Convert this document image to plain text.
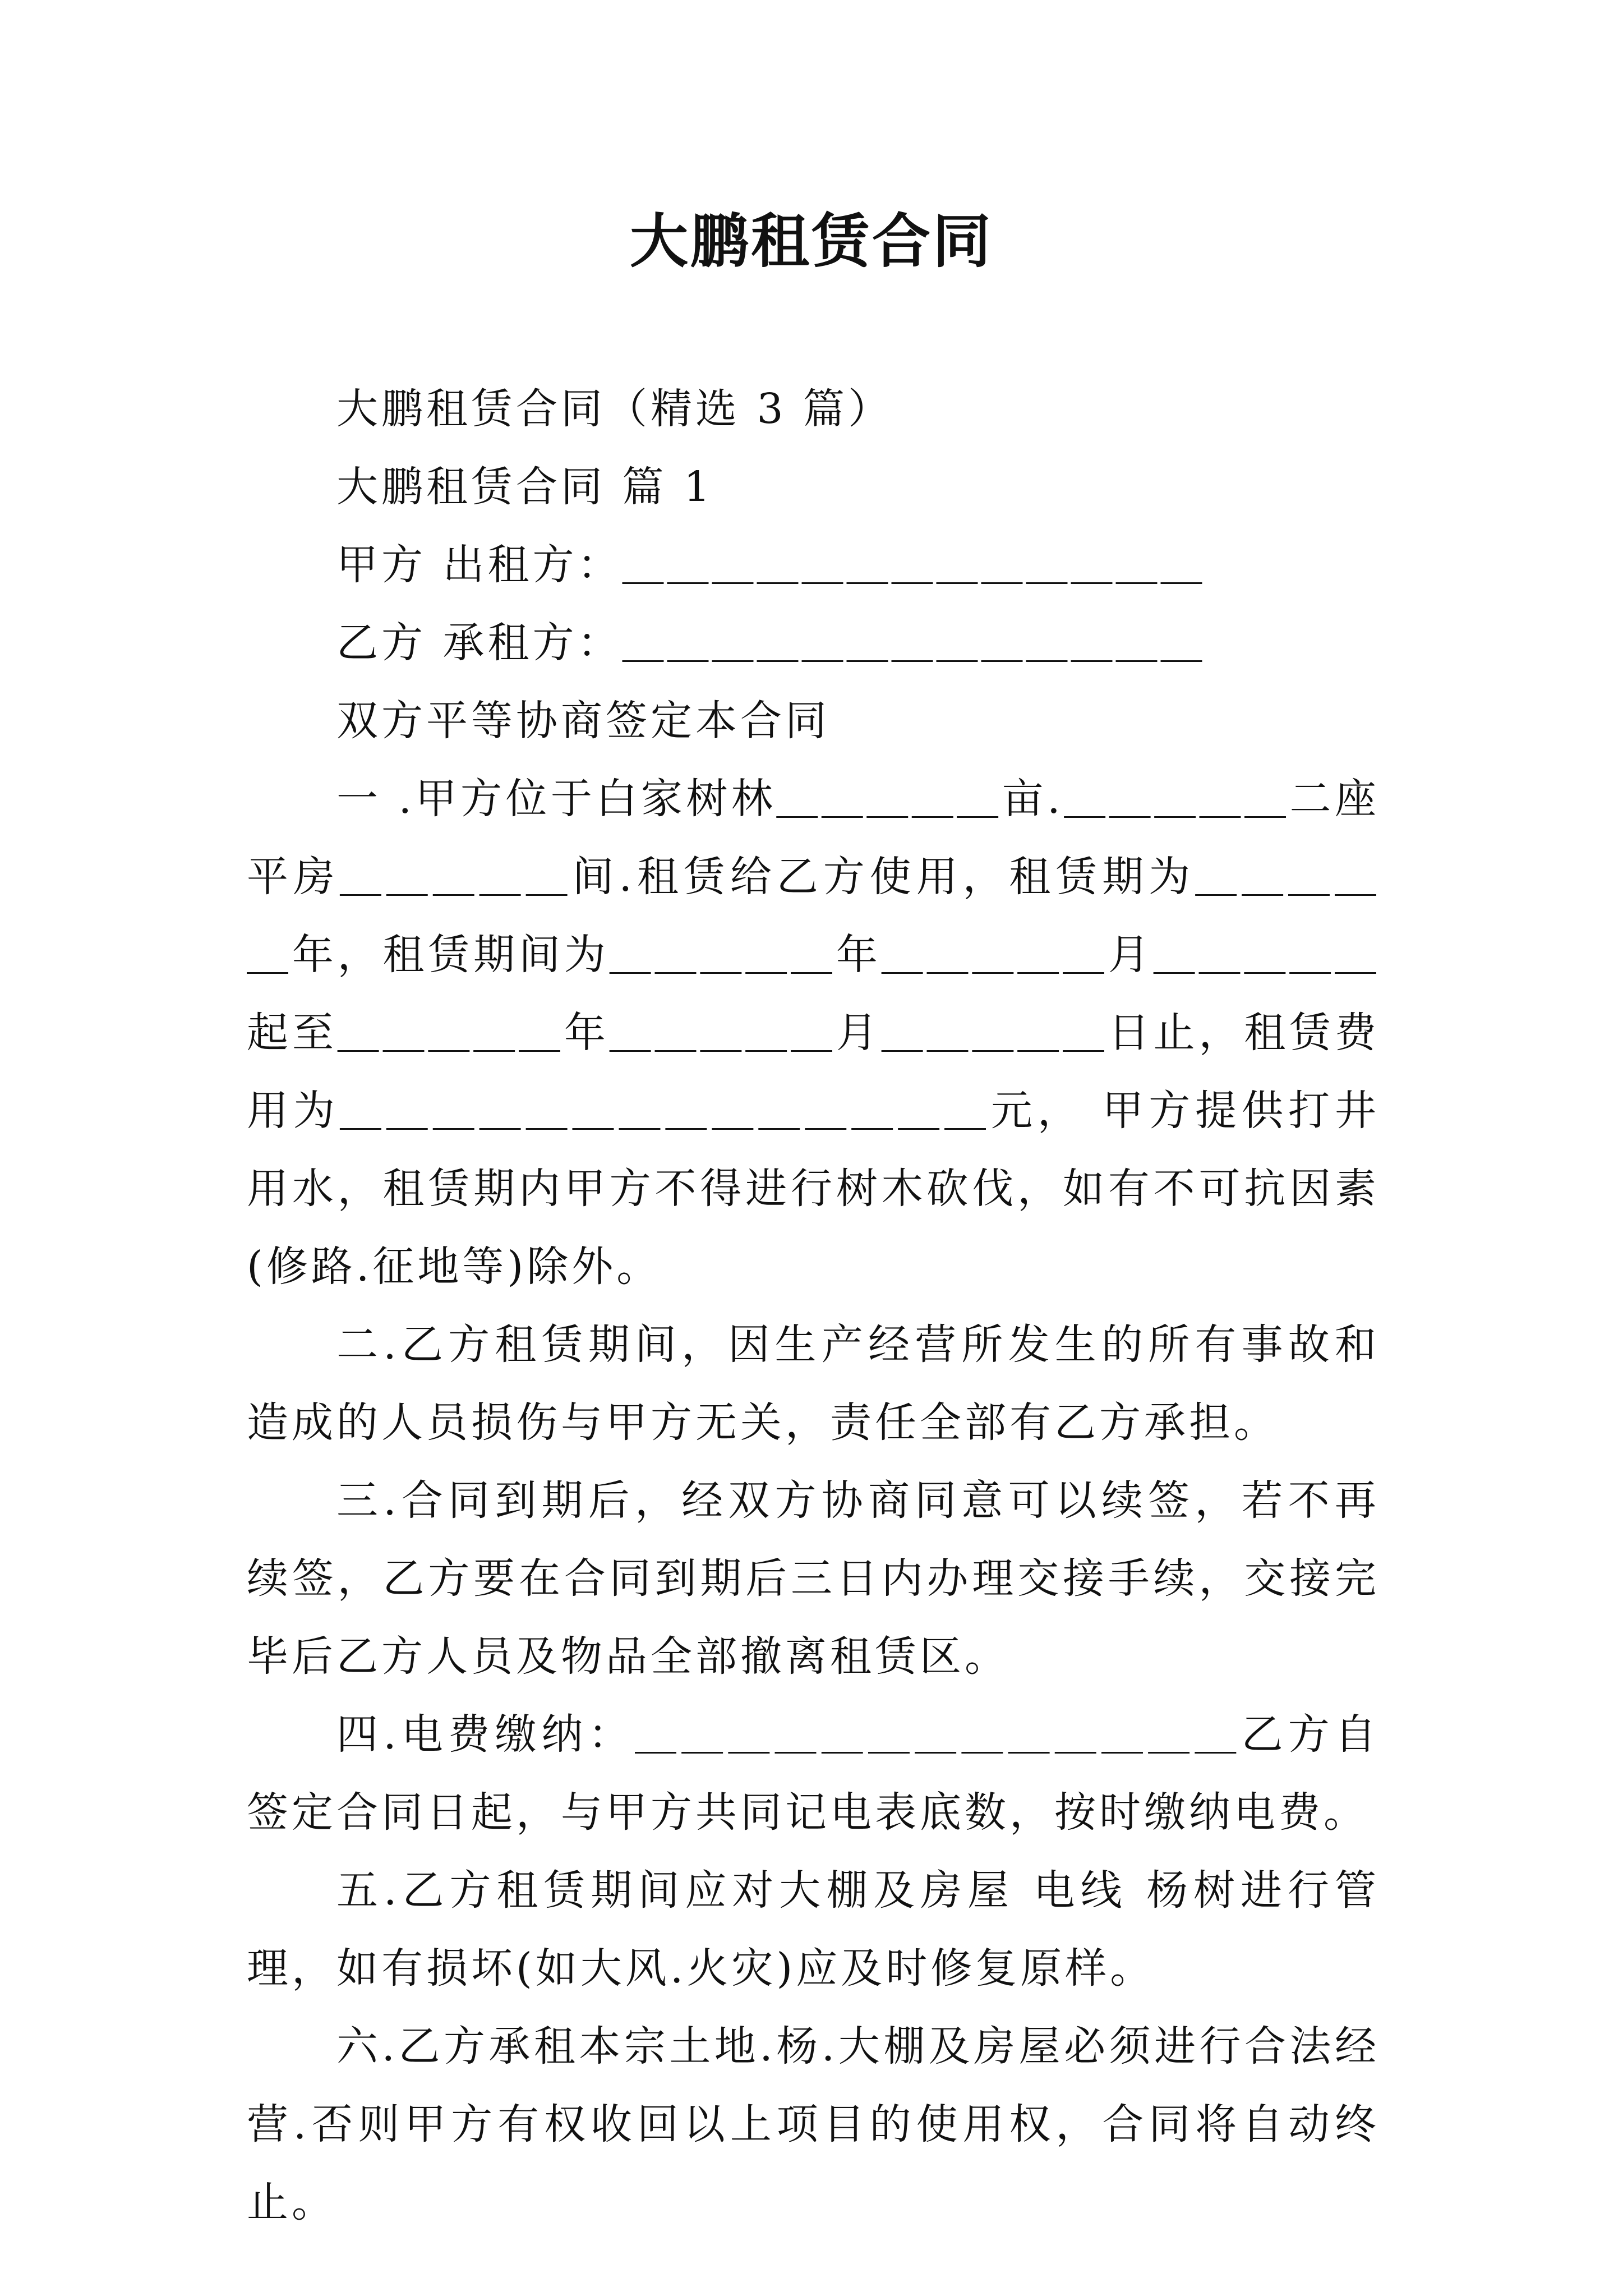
大鹏租赁合同

大鹏租赁合同（精选 3 篇）

大鹏租赁合同 篇 1

甲方 出租方：＿＿＿＿＿＿＿＿＿＿＿＿＿

乙方 承租方：＿＿＿＿＿＿＿＿＿＿＿＿＿

双方平等协商签定本合同

一 .甲方位于白家树林＿＿＿＿＿亩.＿＿＿＿＿二座平房＿＿＿＿＿间.租赁给乙方使用，租赁期为＿＿＿＿＿年，租赁期间为＿＿＿＿＿年＿＿＿＿＿月＿＿＿＿＿起至＿＿＿＿＿年＿＿＿＿＿月＿＿＿＿＿日止，租赁费用为＿＿＿＿＿＿＿＿＿＿＿＿＿＿元， 甲方提供打井用水，租赁期内甲方不得进行树木砍伐，如有不可抗因素(修路.征地等)除外。

二.乙方租赁期间，因生产经营所发生的所有事故和造成的人员损伤与甲方无关，责任全部有乙方承担。

三.合同到期后，经双方协商同意可以续签，若不再续签，乙方要在合同到期后三日内办理交接手续，交接完毕后乙方人员及物品全部撤离租赁区。

四.电费缴纳：＿＿＿＿＿＿＿＿＿＿＿＿＿乙方自签定合同日起，与甲方共同记电表底数，按时缴纳电费。

五.乙方租赁期间应对大棚及房屋 电线 杨树进行管理，如有损坏(如大风.火灾)应及时修复原样。

六.乙方承租本宗土地.杨.大棚及房屋必须进行合法经营.否则甲方有权收回以上项目的使用权，合同将自动终止。
